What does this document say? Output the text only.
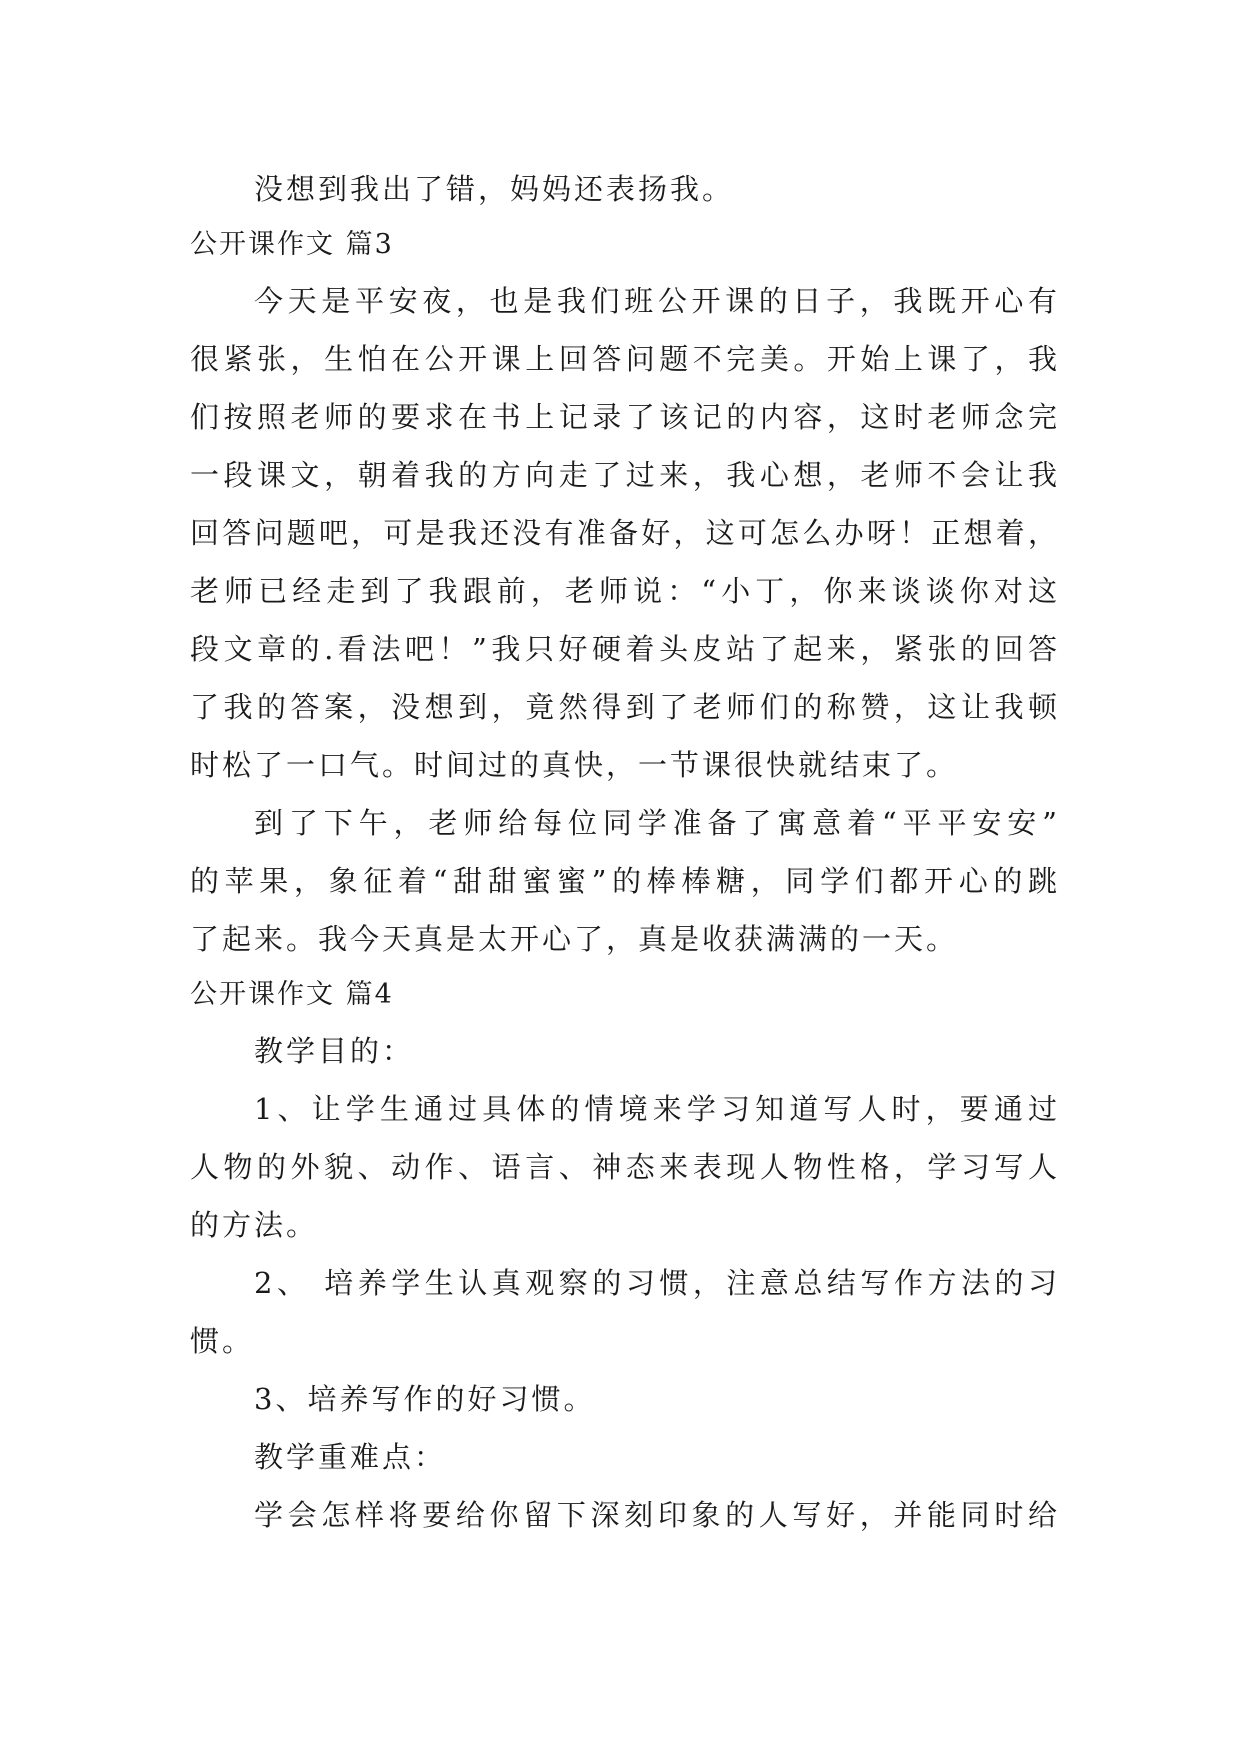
没想到我出了错，妈妈还表扬我。
公开课作文 篇3
今天是平安夜，也是我们班公开课的日子，我既开心有
很紧张，生怕在公开课上回答问题不完美。开始上课了，我
们按照老师的要求在书上记录了该记的内容，这时老师念完
一段课文，朝着我的方向走了过来，我心想，老师不会让我
回答问题吧，可是我还没有准备好，这可怎么办呀！正想着，
老师已经走到了我跟前，老师说：“小丁，你来谈谈你对这
段文章的.看法吧！”我只好硬着头皮站了起来，紧张的回答
了我的答案，没想到，竟然得到了老师们的称赞，这让我顿
时松了一口气。时间过的真快，一节课很快就结束了。
到了下午，老师给每位同学准备了寓意着“平平安安”
的苹果，象征着“甜甜蜜蜜”的棒棒糖，同学们都开心的跳
了起来。我今天真是太开心了，真是收获满满的一天。
公开课作文 篇4
教学目的：
1、让学生通过具体的情境来学习知道写人时，要通过
人物的外貌、动作、语言、神态来表现人物性格，学习写人
的方法。
2、 培养学生认真观察的习惯，注意总结写作方法的习
惯。
3、培养写作的好习惯。
教学重难点：
学会怎样将要给你留下深刻印象的人写好，并能同时给
